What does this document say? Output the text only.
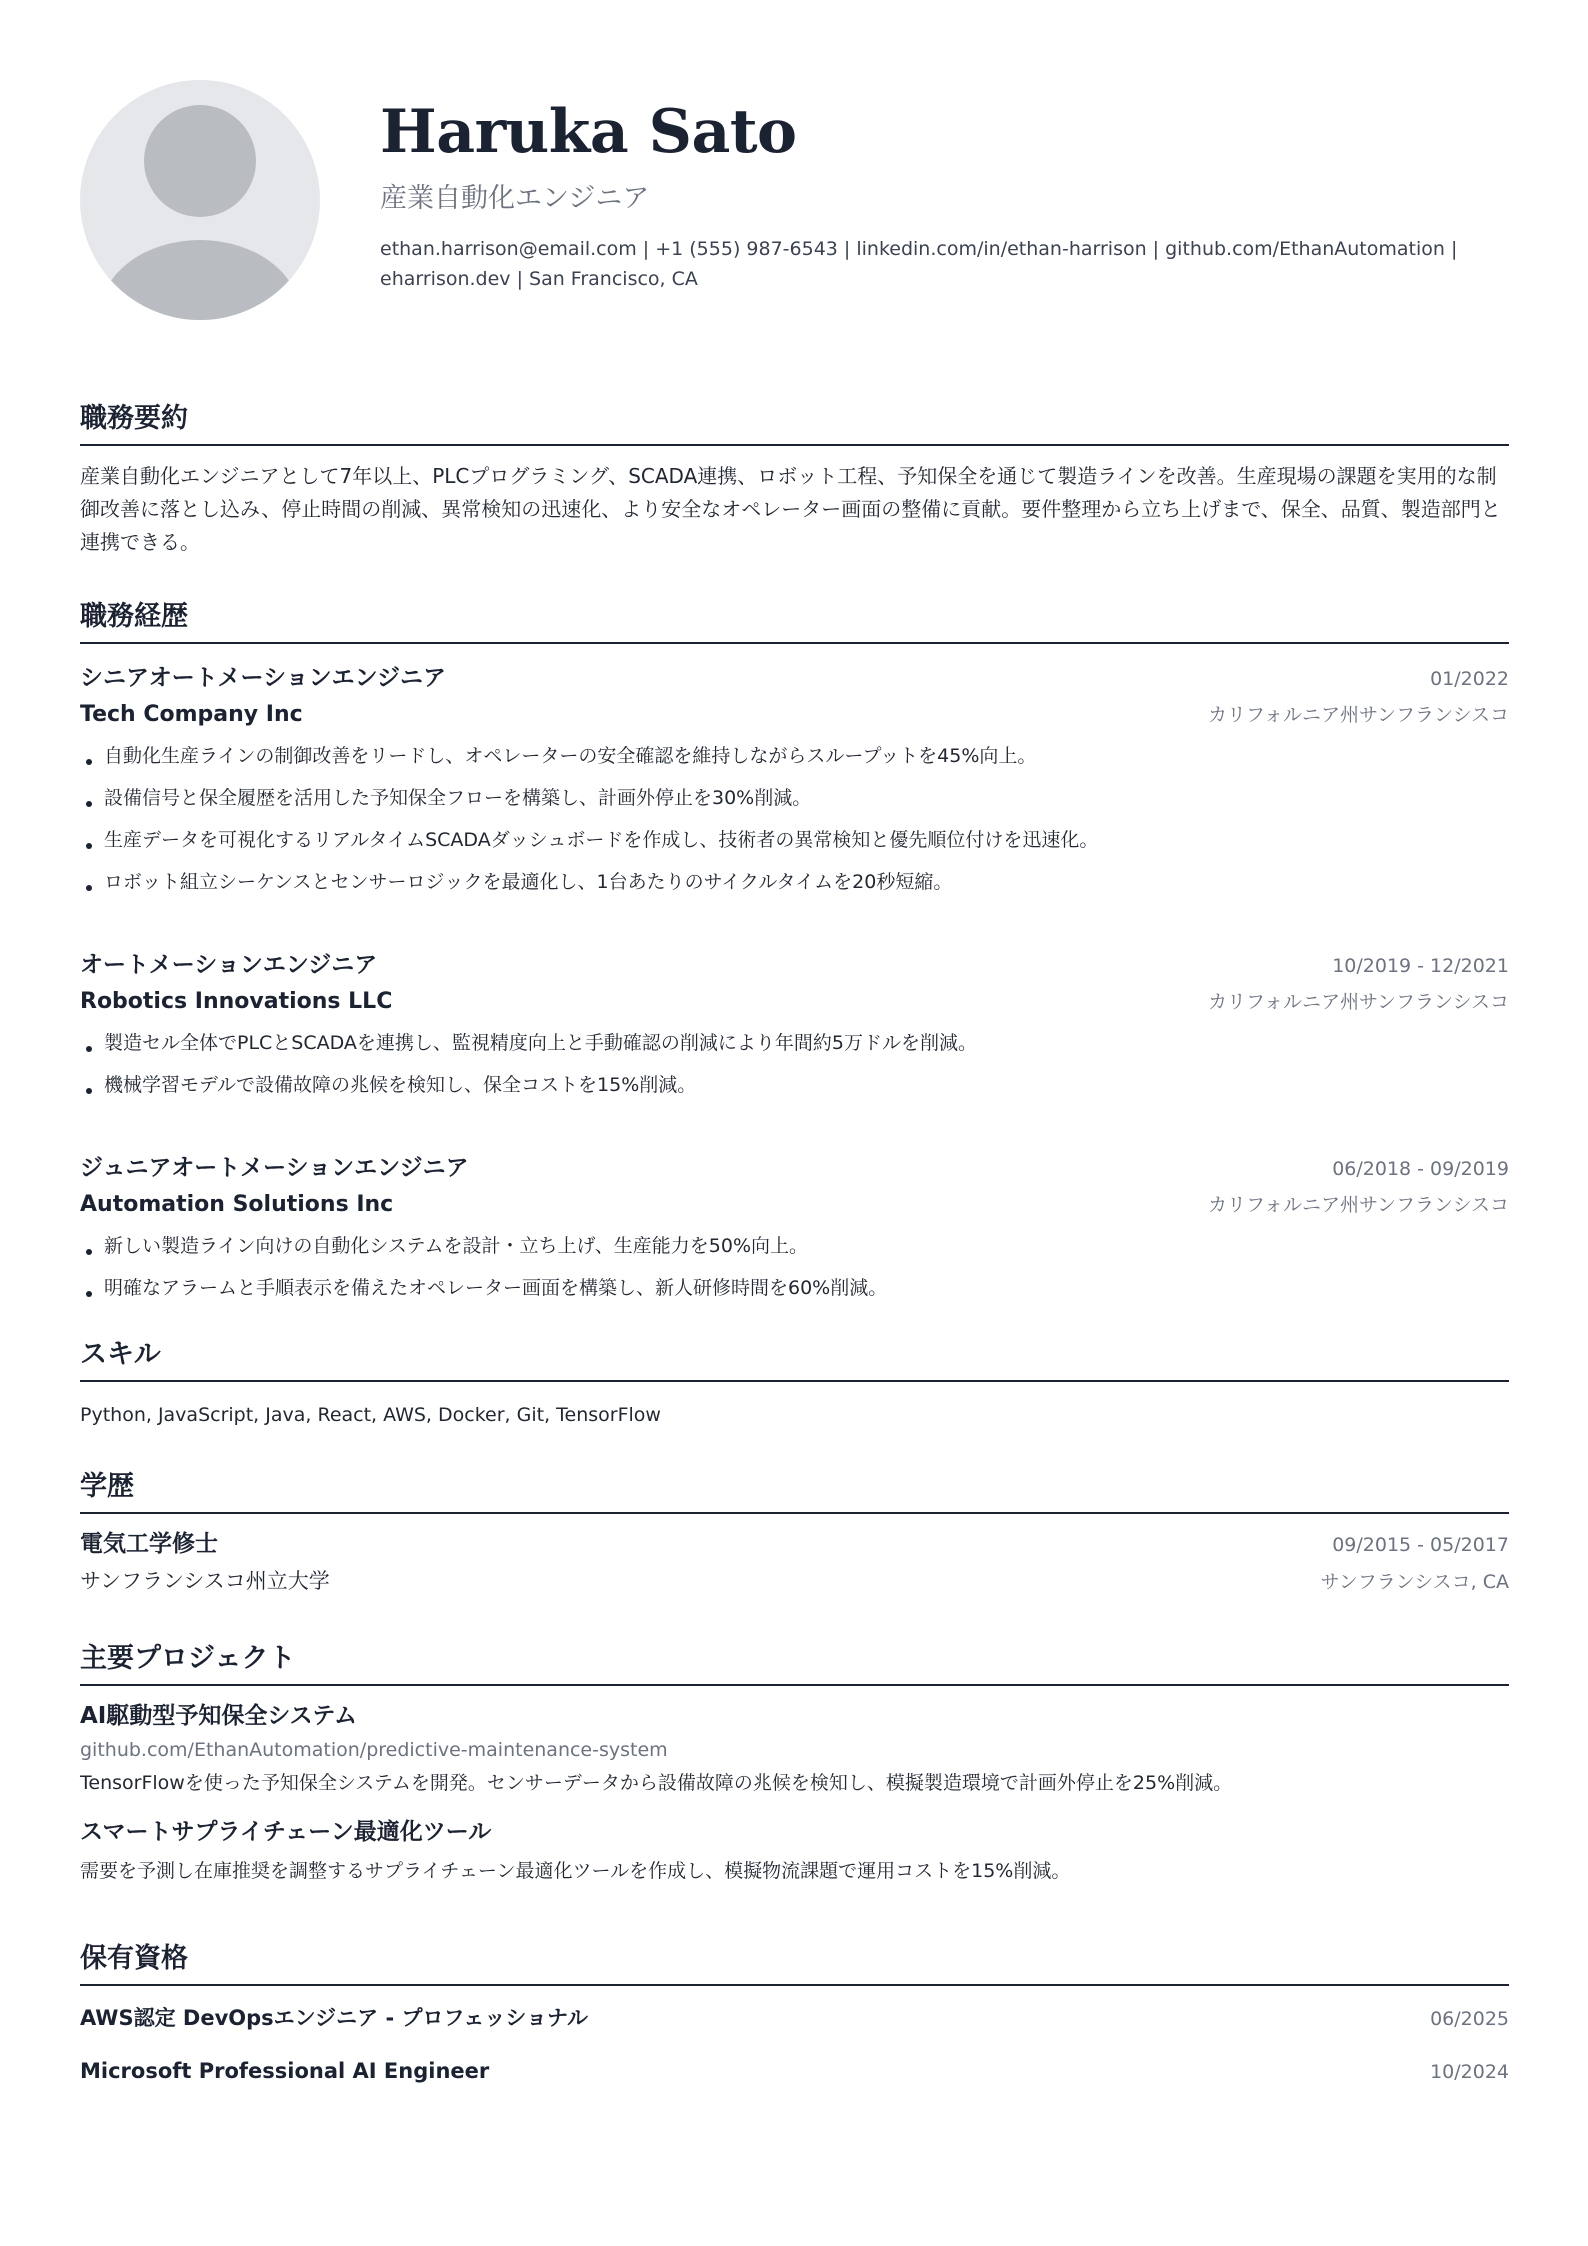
Haruka Sato
産業自動化エンジニア
ethan.harrison@email.com | +1 (555) 987-6543 | linkedin.com/in/ethan-harrison | github.com/EthanAutomation |
eharrison.dev | San Francisco, CA
職務要約
産業自動化エンジニアとして7年以上、PLCプログラミング、SCADA連携、ロボット工程、予知保全を通じて製造ラインを改善。生産現場の課題を実用的な制御改善に落とし込み、停止時間の削減、異常検知の迅速化、より安全なオペレーター画面の整備に貢献。要件整理から立ち上げまで、保全、品質、製造部門と連携できる。
職務経歴
シニアオートメーションエンジニア	01/2022
Tech Company Inc	カリフォルニア州サンフランシスコ
自動化生産ラインの制御改善をリードし、オペレーターの安全確認を維持しながらスループットを45%向上。
設備信号と保全履歴を活用した予知保全フローを構築し、計画外停止を30%削減。
生産データを可視化するリアルタイムSCADAダッシュボードを作成し、技術者の異常検知と優先順位付けを迅速化。
ロボット組立シーケンスとセンサーロジックを最適化し、1台あたりのサイクルタイムを20秒短縮。
オートメーションエンジニア	10/2019 - 12/2021
Robotics Innovations LLC	カリフォルニア州サンフランシスコ
製造セル全体でPLCとSCADAを連携し、監視精度向上と手動確認の削減により年間約5万ドルを削減。
機械学習モデルで設備故障の兆候を検知し、保全コストを15%削減。
ジュニアオートメーションエンジニア	06/2018 - 09/2019
Automation Solutions Inc	カリフォルニア州サンフランシスコ
新しい製造ライン向けの自動化システムを設計・立ち上げ、生産能力を50%向上。
明確なアラームと手順表示を備えたオペレーター画面を構築し、新人研修時間を60%削減。
スキル
Python, JavaScript, Java, React, AWS, Docker, Git, TensorFlow
学歴
電気工学修士	09/2015 - 05/2017
サンフランシスコ州立大学	サンフランシスコ, CA
主要プロジェクト
AI駆動型予知保全システム
github.com/EthanAutomation/predictive-maintenance-system
TensorFlowを使った予知保全システムを開発。センサーデータから設備故障の兆候を検知し、模擬製造環境で計画外停止を25%削減。
スマートサプライチェーン最適化ツール
需要を予測し在庫推奨を調整するサプライチェーン最適化ツールを作成し、模擬物流課題で運用コストを15%削減。
保有資格
AWS認定 DevOpsエンジニア - プロフェッショナル	06/2025
Microsoft Professional AI Engineer	10/2024
